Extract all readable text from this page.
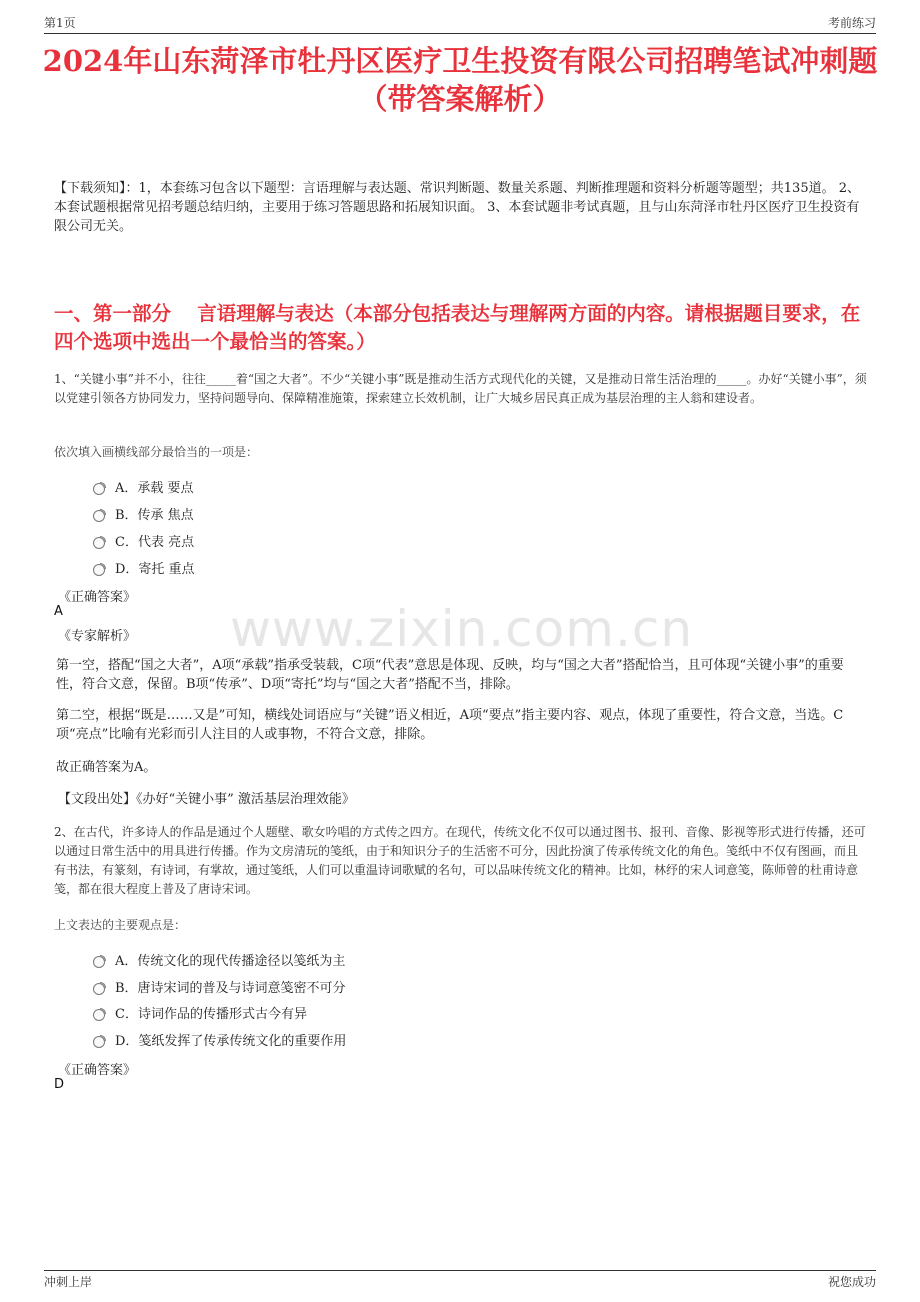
第1页	考前练习
www.zixin.com.cn
2024年山东菏泽市牡丹区医疗卫生投资有限公司招聘笔试冲刺题（带答案解析）

【下载须知】：1，本套练习包含以下题型：言语理解与表达题、常识判断题、数量关系题、判断推理题和资料分析题等题型；共135道。 2、本套试题根据常见招考题总结归纳，主要用于练习答题思路和拓展知识面。 3、本套试题非考试真题，且与山东菏泽市牡丹区医疗卫生投资有限公司无关。

一、第一部分　 言语理解与表达（本部分包括表达与理解两方面的内容。请根据题目要求，在四个选项中选出一个最恰当的答案。）

1、“关键小事”并不小，往往_____着“国之大者”。不少“关键小事”既是推动生活方式现代化的关键，又是推动日常生活治理的_____。办好“关键小事”，须以党建引领各方协同发力，坚持问题导向、保障精准施策，探索建立长效机制，让广大城乡居民真正成为基层治理的主人翁和建设者。

依次填入画横线部分最恰当的一项是：

A．承载 要点
B．传承 焦点
C．代表 亮点
D．寄托 重点

《正确答案》

A

《专家解析》

第一空，搭配“国之大者”，A项“承载”指承受装载，C项“代表”意思是体现、反映，均与“国之大者”搭配恰当，且可体现“关键小事”的重要性，符合文意，保留。B项“传承”、D项“寄托”均与“国之大者”搭配不当，排除。

第二空，根据“既是……又是”可知，横线处词语应与“关键”语义相近，A项“要点”指主要内容、观点，体现了重要性，符合文意，当选。C项“亮点”比喻有光彩而引人注目的人或事物，不符合文意，排除。

故正确答案为A。

【文段出处】《办好“关键小事” 激活基层治理效能》

2、在古代，许多诗人的作品是通过个人题壁、歌女吟唱的方式传之四方。在现代，传统文化不仅可以通过图书、报刊、音像、影视等形式进行传播，还可以通过日常生活中的用具进行传播。作为文房清玩的笺纸，由于和知识分子的生活密不可分，因此扮演了传承传统文化的角色。笺纸中不仅有图画，而且有书法，有篆刻，有诗词，有掌故，通过笺纸，人们可以重温诗词歌赋的名句，可以品味传统文化的精神。比如，林纾的宋人词意笺，陈师曾的杜甫诗意笺，都在很大程度上普及了唐诗宋词。

上文表达的主要观点是：

A．传统文化的现代传播途径以笺纸为主
B．唐诗宋词的普及与诗词意笺密不可分
C．诗词作品的传播形式古今有异
D．笺纸发挥了传承传统文化的重要作用

《正确答案》

D

冲刺上岸	祝您成功
